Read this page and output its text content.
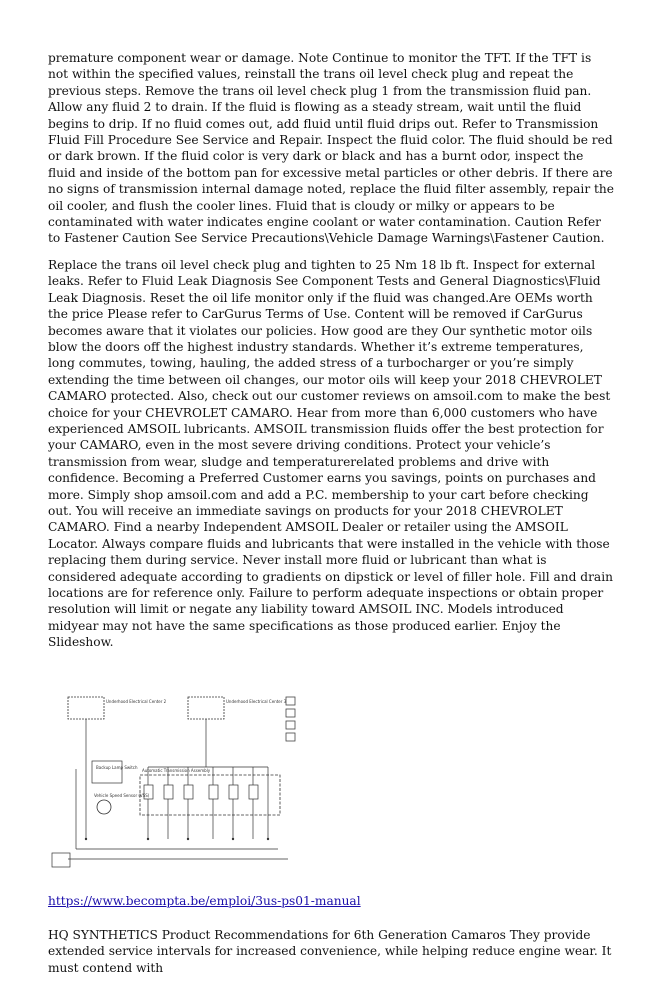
premature component wear or damage. Note Continue to monitor the TFT. If the TFT is not within the specified values, reinstall the trans oil level check plug and repeat the previous steps. Remove the trans oil level check plug 1 from the transmission fluid pan. Allow any fluid 2 to drain. If the fluid is flowing as a steady stream, wait until the fluid begins to drip. If no fluid comes out, add fluid until fluid drips out. Refer to Transmission Fluid Fill Procedure See Service and Repair. Inspect the fluid color. The fluid should be red or dark brown. If the fluid color is very dark or black and has a burnt odor, inspect the fluid and inside of the bottom pan for excessive metal particles or other debris. If there are no signs of transmission internal damage noted, replace the fluid filter assembly, repair the oil cooler, and flush the cooler lines. Fluid that is cloudy or milky or appears to be contaminated with water indicates engine coolant or water contamination. Caution Refer to Fastener Caution See Service Precautions\Vehicle Damage Warnings\Fastener Caution.

Replace the trans oil level check plug and tighten to 25 Nm 18 lb ft. Inspect for external leaks. Refer to Fluid Leak Diagnosis See Component Tests and General Diagnostics\Fluid Leak Diagnosis. Reset the oil life monitor only if the fluid was changed.Are OEMs worth the price Please refer to CarGurus Terms of Use. Content will be removed if CarGurus becomes aware that it violates our policies. How good are they Our synthetic motor oils blow the doors off the highest industry standards. Whether it’s extreme temperatures, long commutes, towing, hauling, the added stress of a turbocharger or you’re simply extending the time between oil changes, our motor oils will keep your 2018 CHEVROLET CAMARO protected. Also, check out our customer reviews on amsoil.com to make the best choice for your CHEVROLET CAMARO. Hear from more than 6,000 customers who have experienced AMSOIL lubricants. AMSOIL transmission fluids offer the best protection for your CAMARO, even in the most severe driving conditions. Protect your vehicle’s transmission from wear, sludge and temperaturerelated problems and drive with confidence. Becoming a Preferred Customer earns you savings, points on purchases and more. Simply shop amsoil.com and add a P.C. membership to your cart before checking out. You will receive an immediate savings on products for your 2018 CHEVROLET CAMARO. Find a nearby Independent AMSOIL Dealer or retailer using the AMSOIL Locator. Always compare fluids and lubricants that were installed in the vehicle with those replacing them during service. Never install more fluid or lubricant than what is considered adequate according to gradients on dipstick or level of filler hole. Fill and drain locations are for reference only. Failure to perform adequate inspections or obtain proper resolution will limit or negate any liability toward AMSOIL INC. Models introduced midyear may not have the same specifications as those produced earlier. Enjoy the Slideshow.

Underhood Electrical Center 2	Underhood Electrical Center 3
Automatic Transmission Assembly
Backup Lamp Switch
Vehicle Speed Sensor (VSS)
https://www.becompta.be/emploi/3us-ps01-manual

HQ SYNTHETICS Product Recommendations for 6th Generation Camaros They provide extended service intervals for increased convenience, while helping reduce engine wear. It must contend with
